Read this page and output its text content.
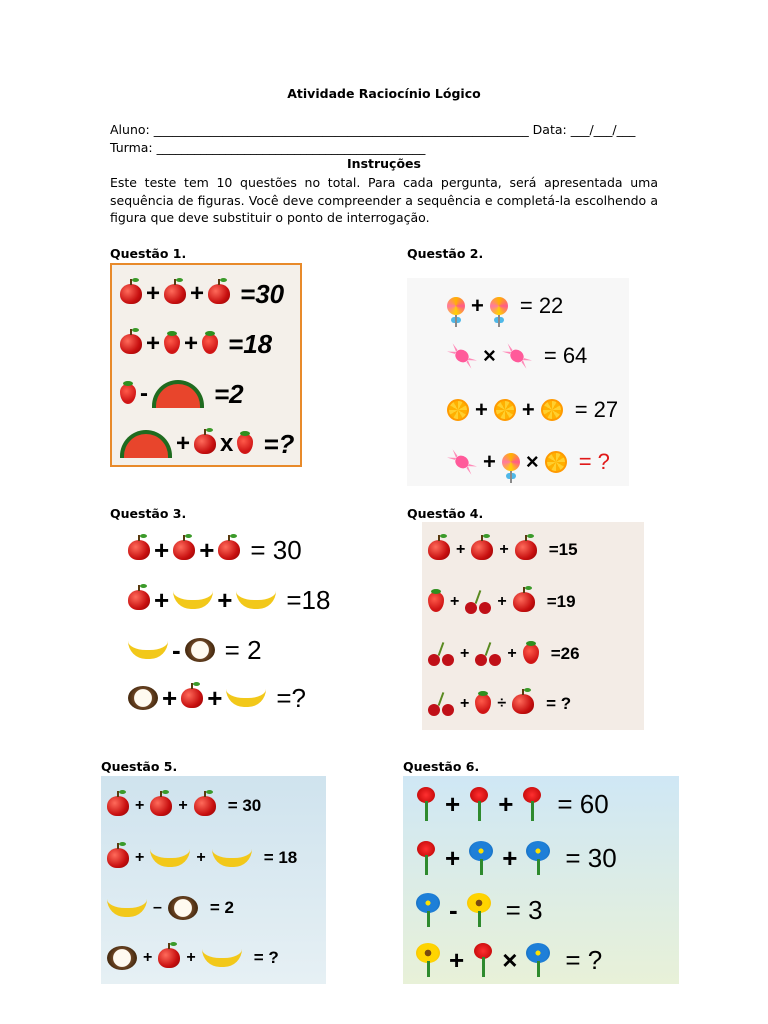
Atividade Raciocínio Lógico
Aluno: ____________________________________________________________ Data: ___/___/___
Turma: ___________________________________________
Instruções
Este teste tem 10 questões no total. Para cada pergunta, será apresentada uma sequência de figuras. Você deve compreender a sequência e completá-la escolhendo a figura que deve substituir o ponto de interrogação.
Questão 1.	Questão 2.
Questão 3.	Questão 4.
Questão 5.	Questão 6.
+ + =30
+ + =18
-	=2
+ x =?
+ = 22
× = 64
+ + = 27
+ × = ?
+ + = 30
+ + =18
- = 2
+ + =?
+ + =15
+ + =19
+ + =26
+ ÷ = ?
+ + = 30
+	+	= 18
–	= 2
+ +	= ?
+ + = 60
+ + = 30
- = 3
+ × = ?
